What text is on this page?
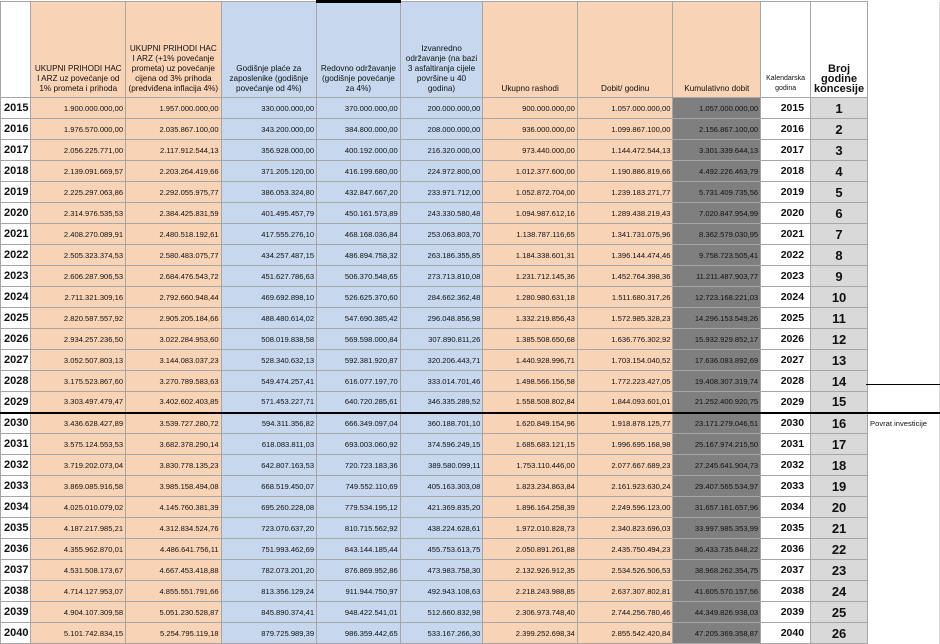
	UKUPNI PRIHODI HAC I ARZ uz povećanje od 1% prometa i prihoda	UKUPNI PRIHODI HAC I ARZ (+1% povećanje prometa) uz povećanje cijena od 3% prihoda (predviđena inflacija 4%)	Godišnje plaće za zaposlenike (godišnje povećanje od 4%)	Redovno održavanje (godišnje povećanje za 4%)	Izvanredno održavanje (na bazi 3 asfaltiranja cijele površine u 40 godina)	Ukupno rashodi	Dobit/ godinu	Kumulativno dobit	Kalendarska godina	Broj godine koncesije	
2015	1.900.000.000,00	1.957.000.000,00	330.000.000,00	370.000.000,00	200.000.000,00	900.000.000,00	1.057.000.000,00	1.057.000.000,00	2015	1	
2016	1.976.570.000,00	2.035.867.100,00	343.200.000,00	384.800.000,00	208.000.000,00	936.000.000,00	1.099.867.100,00	2.156.867.100,00	2016	2	
2017	2.056.225.771,00	2.117.912.544,13	356.928.000,00	400.192.000,00	216.320.000,00	973.440.000,00	1.144.472.544,13	3.301.339.644,13	2017	3	
2018	2.139.091.669,57	2.203.264.419,66	371.205.120,00	416.199.680,00	224.972.800,00	1.012.377.600,00	1.190.886.819,66	4.492.226.463,79	2018	4	
2019	2.225.297.063,86	2.292.055.975,77	386.053.324,80	432.847.667,20	233.971.712,00	1.052.872.704,00	1.239.183.271,77	5.731.409.735,56	2019	5	
2020	2.314.976.535,53	2.384.425.831,59	401.495.457,79	450.161.573,89	243.330.580,48	1.094.987.612,16	1.289.438.219,43	7.020.847.954,99	2020	6	
2021	2.408.270.089,91	2.480.518.192,61	417.555.276,10	468.168.036,84	253.063.803,70	1.138.787.116,65	1.341.731.075,96	8.362.579.030,95	2021	7	
2022	2.505.323.374,53	2.580.483.075,77	434.257.487,15	486.894.758,32	263.186.355,85	1.184.338.601,31	1.396.144.474,46	9.758.723.505,41	2022	8	
2023	2.606.287.906,53	2.684.476.543,72	451.627.786,63	506.370.548,65	273.713.810,08	1.231.712.145,36	1.452.764.398,36	11.211.487.903,77	2023	9	
2024	2.711.321.309,16	2.792.660.948,44	469.692.898,10	526.625.370,60	284.662.362,48	1.280.980.631,18	1.511.680.317,26	12.723.168.221,03	2024	10	
2025	2.820.587.557,92	2.905.205.184,66	488.480.614,02	547.690.385,42	296.048.856,98	1.332.219.856,43	1.572.985.328,23	14.296.153.549,26	2025	11	
2026	2.934.257.236,50	3.022.284.953,60	508.019.838,58	569.598.000,84	307.890.811,26	1.385.508.650,68	1.636.776.302,92	15.932.929.852,17	2026	12	
2027	3.052.507.803,13	3.144.083.037,23	528.340.632,13	592.381.920,87	320.206.443,71	1.440.928.996,71	1.703.154.040,52	17.636.083.892,69	2027	13	
2028	3.175.523.867,60	3.270.789.583,63	549.474.257,41	616.077.197,70	333.014.701,46	1.498.566.156,58	1.772.223.427,05	19.408.307.319,74	2028	14	
2029	3.303.497.479,47	3.402.602.403,85	571.453.227,71	640.720.285,61	346.335.289,52	1.558.508.802,84	1.844.093.601,01	21.252.400.920,75	2029	15	
2030	3.436.628.427,89	3.539.727.280,72	594.311.356,82	666.349.097,04	360.188.701,10	1.620.849.154,96	1.918.878.125,77	23.171.279.046,51	2030	16	Povrat investicije
2031	3.575.124.553,53	3.682.378.290,14	618.083.811,03	693.003.060,92	374.596.249,15	1.685.683.121,15	1.996.695.168,98	25.167.974.215,50	2031	17	
2032	3.719.202.073,04	3.830.778.135,23	642.807.163,53	720.723.183,36	389.580.099,11	1.753.110.446,00	2.077.667.689,23	27.245.641.904,73	2032	18	
2033	3.869.085.916,58	3.985.158.494,08	668.519.450,07	749.552.110,69	405.163.303,08	1.823.234.863,84	2.161.923.630,24	29.407.565.534,97	2033	19	
2034	4.025.010.079,02	4.145.760.381,39	695.260.228,08	779.534.195,12	421.369.835,20	1.896.164.258,39	2.249.596.123,00	31.657.161.657,96	2034	20	
2035	4.187.217.985,21	4.312.834.524,76	723.070.637,20	810.715.562,92	438.224.628,61	1.972.010.828,73	2.340.823.696,03	33.997.985.353,99	2035	21	
2036	4.355.962.870,01	4.486.641.756,11	751.993.462,69	843.144.185,44	455.753.613,75	2.050.891.261,88	2.435.750.494,23	36.433.735.848,22	2036	22	
2037	4.531.508.173,67	4.667.453.418,88	782.073.201,20	876.869.952,86	473.983.758,30	2.132.926.912,35	2.534.526.506,53	38.968.262.354,75	2037	23	
2038	4.714.127.953,07	4.855.551.791,66	813.356.129,24	911.944.750,97	492.943.108,63	2.218.243.988,85	2.637.307.802,81	41.605.570.157,56	2038	24	
2039	4.904.107.309,58	5.051.230.528,87	845.890.374,41	948.422.541,01	512.660.832,98	2.306.973.748,40	2.744.256.780,46	44.349.826.938,03	2039	25	
2040	5.101.742.834,15	5.254.795.119,18	879.725.989,39	986.359.442,65	533.167.266,30	2.399.252.698,34	2.855.542.420,84	47.205.369.358,87	2040	26	
